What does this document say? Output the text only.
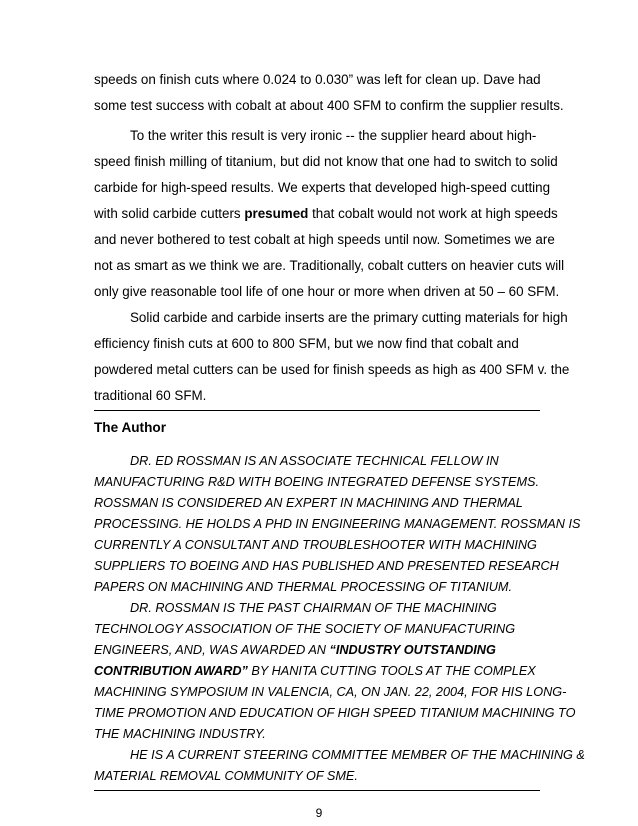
speeds on finish cuts where 0.024 to 0.030” was left for clean up. Dave had
some test success with cobalt at about 400 SFM to confirm the supplier results.
To the writer this result is very ironic -- the supplier heard about high-
speed finish milling of titanium, but did not know that one had to switch to solid
carbide for high-speed results. We experts that developed high-speed cutting
with solid carbide cutters presumed that cobalt would not work at high speeds
and never bothered to test cobalt at high speeds until now. Sometimes we are
not as smart as we think we are. Traditionally, cobalt cutters on heavier cuts will
only give reasonable tool life of one hour or more when driven at 50 – 60 SFM.
Solid carbide and carbide inserts are the primary cutting materials for high
efficiency finish cuts at 600 to 800 SFM, but we now find that cobalt and
powdered metal cutters can be used for finish speeds as high as 400 SFM v. the
traditional 60 SFM.
The Author
DR. ED ROSSMAN IS AN ASSOCIATE TECHNICAL FELLOW IN
MANUFACTURING R&D WITH BOEING INTEGRATED DEFENSE SYSTEMS.
ROSSMAN IS CONSIDERED AN EXPERT IN MACHINING AND THERMAL
PROCESSING. HE HOLDS A PHD IN ENGINEERING MANAGEMENT. ROSSMAN IS
CURRENTLY A CONSULTANT AND TROUBLESHOOTER WITH MACHINING
SUPPLIERS TO BOEING AND HAS PUBLISHED AND PRESENTED RESEARCH
PAPERS ON MACHINING AND THERMAL PROCESSING OF TITANIUM.
DR. ROSSMAN IS THE PAST CHAIRMAN OF THE MACHINING
TECHNOLOGY ASSOCIATION OF THE SOCIETY OF MANUFACTURING
ENGINEERS, AND, WAS AWARDED AN “INDUSTRY OUTSTANDING
CONTRIBUTION AWARD” BY HANITA CUTTING TOOLS AT THE COMPLEX
MACHINING SYMPOSIUM IN VALENCIA, CA, ON JAN. 22, 2004, FOR HIS LONG-
TIME PROMOTION AND EDUCATION OF HIGH SPEED TITANIUM MACHINING TO
THE MACHINING INDUSTRY.
HE IS A CURRENT STEERING COMMITTEE MEMBER OF THE MACHINING &
MATERIAL REMOVAL COMMUNITY OF SME.
9
